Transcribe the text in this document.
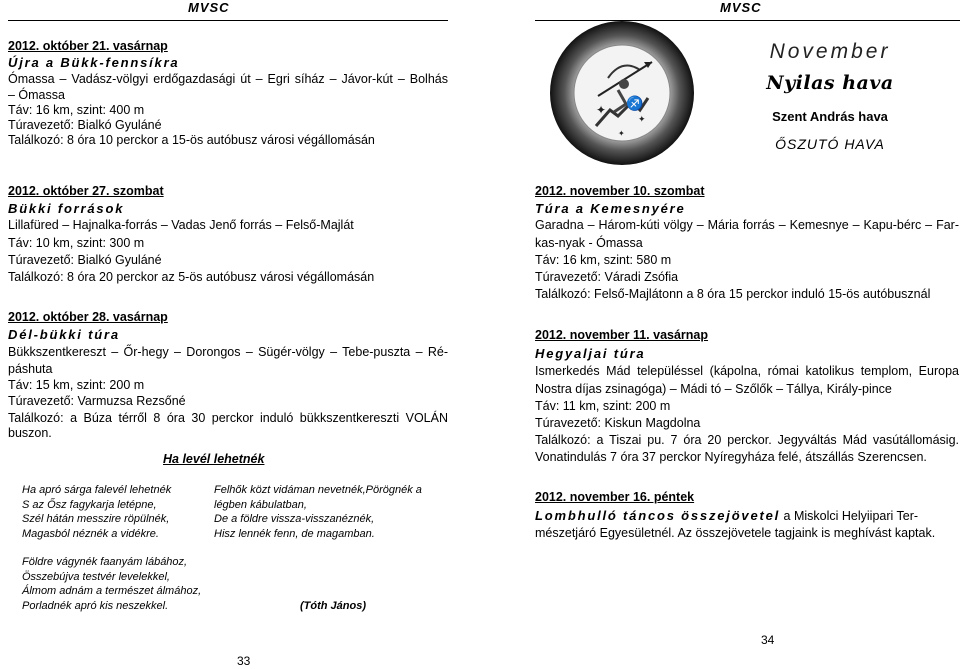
MVSC	MVSC
2012. október 21. vasárnap
Újra a Bükk-fennsíkra
Ómassa – Vadász-völgyi erdőgazdasági út – Egri síház – Jávor-kút – Bolhás
– Ómassa
Táv: 16 km, szint: 400 m
Túravezető: Bialkó Gyuláné
Találkozó: 8 óra 10 perckor a 15-ös autóbusz városi végállomásán
2012. október 27. szombat
Bükki források
Lillafüred – Hajnalka-forrás – Vadas Jenő forrás – Felső-Majlát
Táv: 10 km, szint: 300 m
Túravezető: Bialkó Gyuláné
Találkozó: 8 óra 20 perckor az 5-ös autóbusz városi végállomásán
2012. október 28. vasárnap
Dél-bükki túra
Bükkszentkereszt – Őr-hegy – Dorongos – Sügér-völgy – Tebe-puszta – Ré-
páshuta
Táv: 15 km, szint: 200 m
Túravezető: Varmuzsa Rezsőné
Találkozó: a Búza térről 8 óra 30 perckor induló bükkszentkereszti VOLÁN
buszon.
Ha levél lehetnék
Ha apró sárga falevél lehetnék
S az Ősz fagykarja letépne,
Szél hátán messzire röpülnék,
Magasból néznék a vidékre.
Felhők közt vidáman nevetnék,Pörögnék a
légben kábulatban,
De a földre vissza-visszanéznék,
Hisz lennék fenn, de magamban.
Földre vágynék faanyám lábához,
Összebújva testvér levelekkel,
Álmom adnám a természet álmához,
Porladnék apró kis neszekkel.	(Tóth János)
33
✦ ♐
✦
✦
November
Nyilas hava
Szent András hava
ŐSZUTÓ HAVA
2012. november 10. szombat
Túra a Kemesnyére
Garadna – Három-kúti völgy – Mária forrás – Kemesnye – Kapu-bérc – Far-
kas-nyak - Ómassa
Táv: 16 km, szint: 580 m
Túravezető: Váradi Zsófia
Találkozó: Felső-Majlátonn a 8 óra 15 perckor induló 15-ös autóbusznál
2012. november 11. vasárnap
Hegyaljai túra
Ismerkedés Mád településsel (kápolna, római katolikus templom, Europa
Nostra díjas zsinagóga) – Mádi tó – Szőlők – Tállya, Király-pince
Táv: 11 km, szint: 200 m
Túravezető: Kiskun Magdolna
Találkozó: a Tiszai pu. 7 óra 20 perckor. Jegyváltás Mád vasútállomásig.
Vonatindulás 7 óra 37 perckor Nyíregyháza felé, átszállás Szerencsen.
2012. november 16. péntek
Lombhulló táncos összejövetel a Miskolci Helyiipari Ter-
mészetjáró Egyesületnél. Az összejövetele tagjaink is meghívást kaptak.
34
